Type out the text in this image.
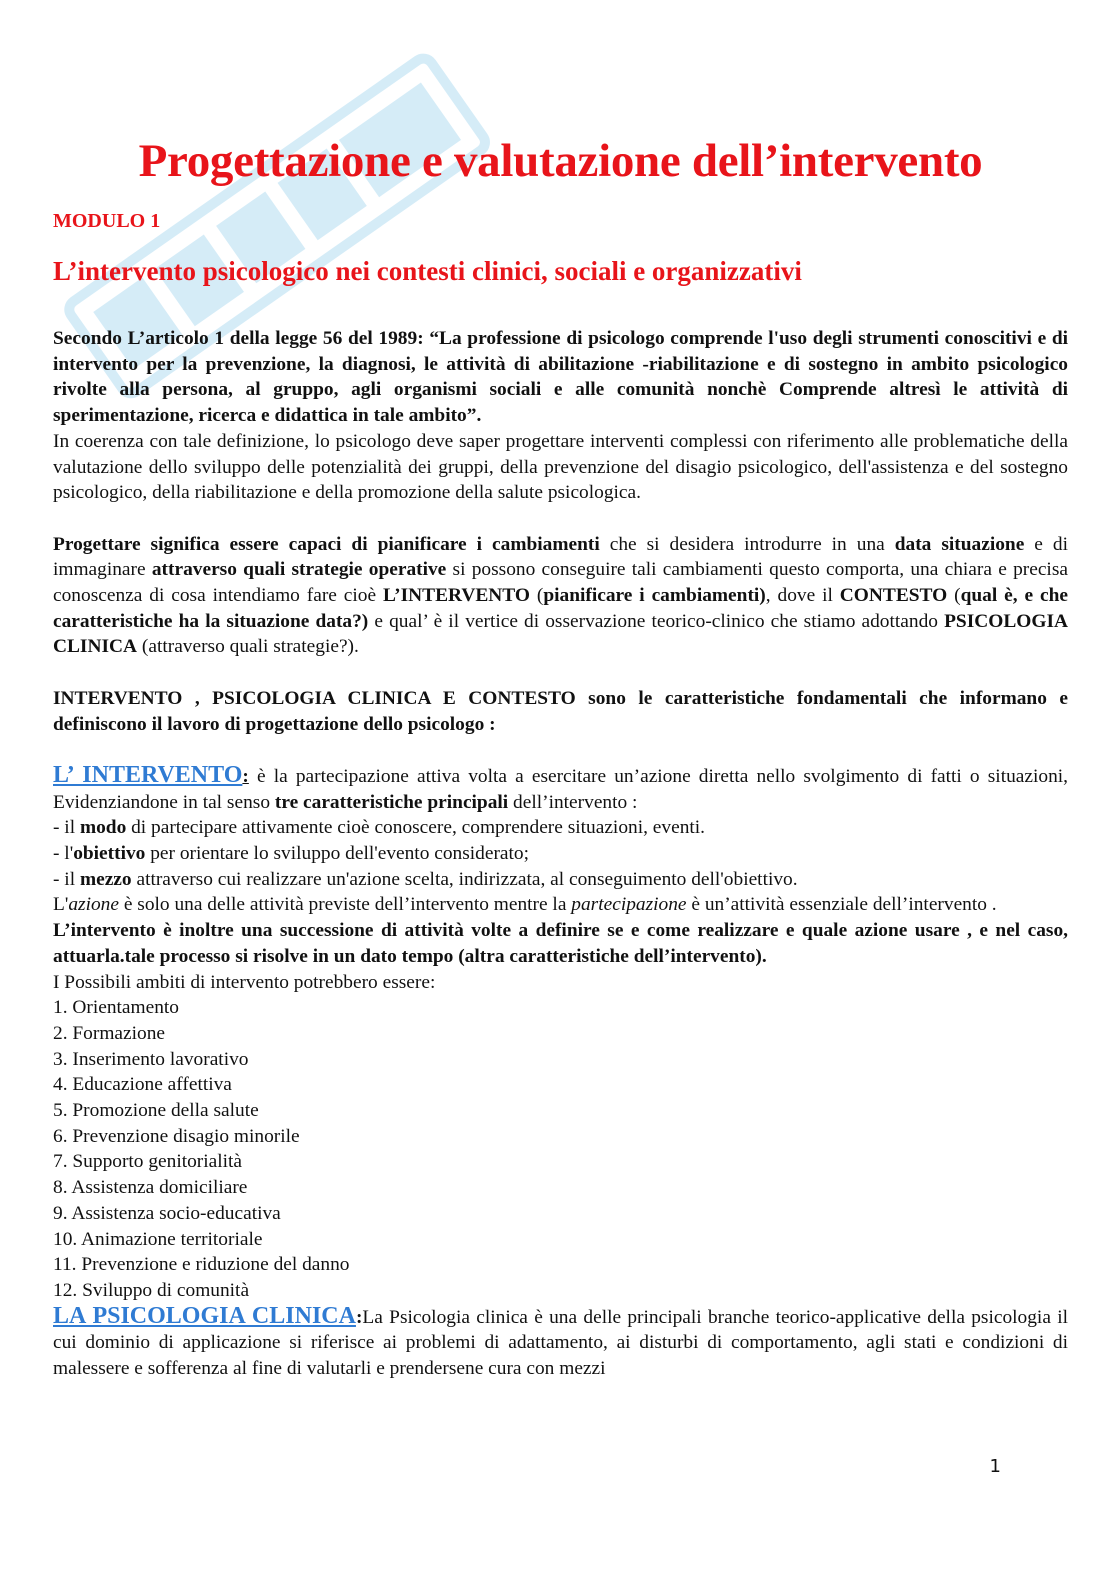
Progettazione e valutazione dell’intervento
MODULO 1
L’intervento psicologico nei contesti clinici, sociali e organizzativi

Secondo L’articolo 1 della legge 56 del 1989: “La professione di psicologo comprende l'uso degli strumenti conoscitivi e di intervento per la prevenzione, la diagnosi, le attività di abilitazione -riabilitazione e di sostegno in ambito psicologico rivolte alla persona, al gruppo, agli organismi sociali e alle comunità nonchè Comprende altresì le attività di sperimentazione, ricerca e didattica in tale ambito”.

In coerenza con tale definizione, lo psicologo deve saper progettare interventi complessi con riferimento alle problematiche della valutazione dello sviluppo delle potenzialità dei gruppi, della prevenzione del disagio psicologico, dell'assistenza e del sostegno psicologico, della riabilitazione e della promozione della salute psicologica.

Progettare significa essere capaci di pianificare i cambiamenti che si desidera introdurre in una data situazione e di immaginare attraverso quali strategie operative si possono conseguire tali cambiamenti questo comporta, una chiara e precisa conoscenza di cosa intendiamo fare cioè L’INTERVENTO (pianificare i cambiamenti), dove il CONTESTO (qual è, e che caratteristiche ha la situazione data?) e qual’ è il vertice di osservazione teorico-clinico che stiamo adottando PSICOLOGIA CLINICA (attraverso quali strategie?).

INTERVENTO , PSICOLOGIA CLINICA E CONTESTO sono le caratteristiche fondamentali che informano e definiscono il lavoro di progettazione dello psicologo :

L’ INTERVENTO: è la partecipazione attiva volta a esercitare un’azione diretta nello svolgimento di fatti o situazioni, Evidenziandone in tal senso tre caratteristiche principali dell’intervento :

- il modo di partecipare attivamente cioè conoscere, comprendere situazioni, eventi.

- l'obiettivo per orientare lo sviluppo dell'evento considerato;

- il mezzo attraverso cui realizzare un'azione scelta, indirizzata, al conseguimento dell'obiettivo.

L'azione è solo una delle attività previste dell’intervento mentre la partecipazione è un’attività essenziale dell’intervento .

L’intervento è inoltre una successione di attività volte a definire se e come realizzare e quale azione usare , e nel caso, attuarla.tale processo si risolve in un dato tempo (altra caratteristiche dell’intervento).

I Possibili ambiti di intervento potrebbero essere:

1. Orientamento
2. Formazione
3. Inserimento lavorativo
4. Educazione affettiva
5. Promozione della salute
6. Prevenzione disagio minorile
7. Supporto genitorialità
8. Assistenza domiciliare
9. Assistenza socio-educativa
10. Animazione territoriale
11. Prevenzione e riduzione del danno
12. Sviluppo di comunità

LA PSICOLOGIA CLINICA:La Psicologia clinica è una delle principali branche teorico-applicative della psicologia il cui dominio di applicazione si riferisce ai problemi di adattamento, ai disturbi di comportamento, agli stati e condizioni di malessere e sofferenza al fine di valutarli e prendersene cura con mezzi

1
